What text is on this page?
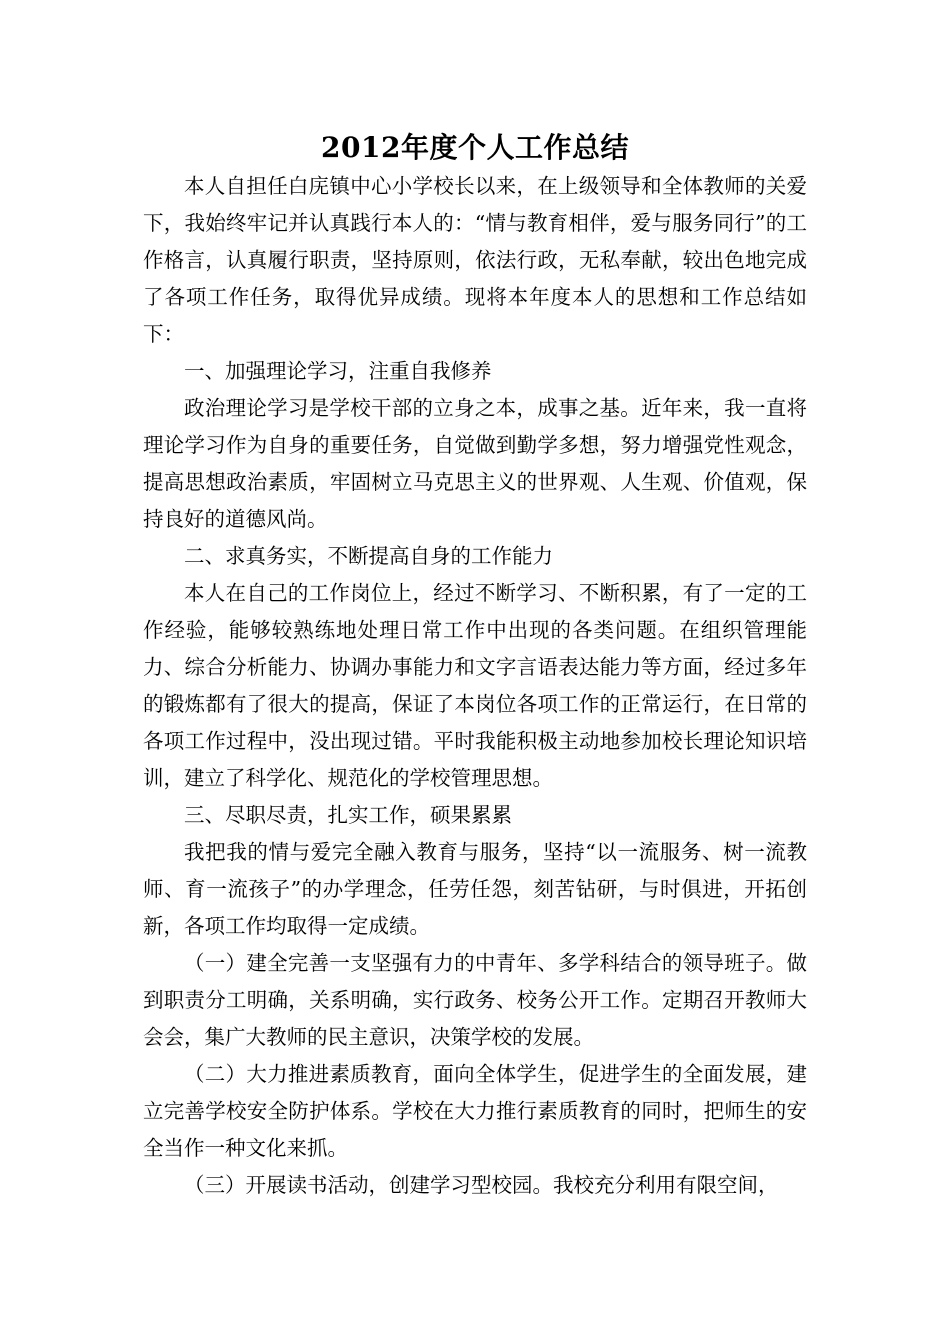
2012年度个人工作总结

本人自担任白庑镇中心小学校长以来，在上级领导和全体教师的关爱下，我始终牢记并认真践行本人的：“情与教育相伴，爱与服务同行”的工作格言，认真履行职责，坚持原则，依法行政，无私奉献，较出色地完成了各项工作任务，取得优异成绩。现将本年度本人的思想和工作总结如下：

一、加强理论学习，注重自我修养

政治理论学习是学校干部的立身之本，成事之基。近年来，我一直将理论学习作为自身的重要任务，自觉做到勤学多想，努力增强党性观念，提高思想政治素质，牢固树立马克思主义的世界观、人生观、价值观，保持良好的道德风尚。

二、求真务实，不断提高自身的工作能力

本人在自己的工作岗位上，经过不断学习、不断积累，有了一定的工作经验，能够较熟练地处理日常工作中出现的各类问题。在组织管理能力、综合分析能力、协调办事能力和文字言语表达能力等方面，经过多年的锻炼都有了很大的提高，保证了本岗位各项工作的正常运行，在日常的各项工作过程中，没出现过错。平时我能积极主动地参加校长理论知识培训，建立了科学化、规范化的学校管理思想。

三、尽职尽责，扎实工作，硕果累累

我把我的情与爱完全融入教育与服务，坚持“以一流服务、树一流教师、育一流孩子”的办学理念，任劳任怨，刻苦钻研，与时俱进，开拓创新，各项工作均取得一定成绩。

（一）建全完善一支坚强有力的中青年、多学科结合的领导班子。做到职责分工明确，关系明确，实行政务、校务公开工作。定期召开教师大会会，集广大教师的民主意识，决策学校的发展。

（二）大力推进素质教育，面向全体学生，促进学生的全面发展，建立完善学校安全防护体系。学校在大力推行素质教育的同时，把师生的安全当作一种文化来抓。

（三）开展读书活动，创建学习型校园。我校充分利用有限空间，
